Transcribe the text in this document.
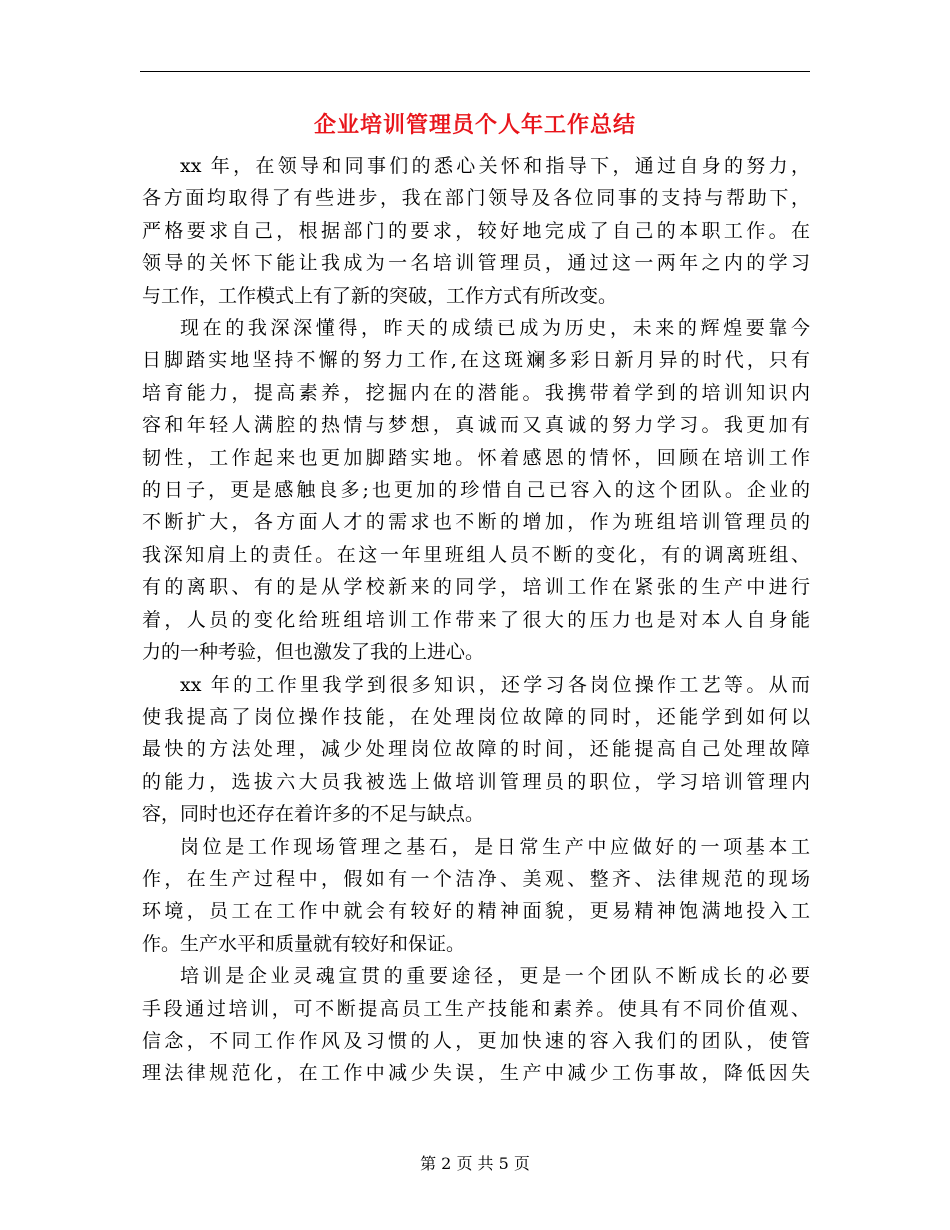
企业培训管理员个人年工作总结
xx 年，在领导和同事们的悉心关怀和指导下，通过自身的努力，
各方面均取得了有些进步，我在部门领导及各位同事的支持与帮助下，
严格要求自己，根据部门的要求，较好地完成了自己的本职工作。在
领导的关怀下能让我成为一名培训管理员，通过这一两年之内的学习
与工作，工作模式上有了新的突破，工作方式有所改变。
现在的我深深懂得，昨天的成绩已成为历史，未来的辉煌要靠今
日脚踏实地坚持不懈的努力工作,在这斑斓多彩日新月异的时代，只有
培育能力，提高素养，挖掘内在的潜能。我携带着学到的培训知识内
容和年轻人满腔的热情与梦想，真诚而又真诚的努力学习。我更加有
韧性，工作起来也更加脚踏实地。怀着感恩的情怀，回顾在培训工作
的日子，更是感触良多;也更加的珍惜自己已容入的这个团队。企业的
不断扩大，各方面人才的需求也不断的增加，作为班组培训管理员的
我深知肩上的责任。在这一年里班组人员不断的变化，有的调离班组、
有的离职、有的是从学校新来的同学，培训工作在紧张的生产中进行
着，人员的变化给班组培训工作带来了很大的压力也是对本人自身能
力的一种考验，但也激发了我的上进心。
xx 年的工作里我学到很多知识，还学习各岗位操作工艺等。从而
使我提高了岗位操作技能，在处理岗位故障的同时，还能学到如何以
最快的方法处理，减少处理岗位故障的时间，还能提高自己处理故障
的能力，选拔六大员我被选上做培训管理员的职位，学习培训管理内
容，同时也还存在着许多的不足与缺点。
岗位是工作现场管理之基石，是日常生产中应做好的一项基本工
作，在生产过程中，假如有一个洁净、美观、整齐、法律规范的现场
环境，员工在工作中就会有较好的精神面貌，更易精神饱满地投入工
作。生产水平和质量就有较好和保证。
培训是企业灵魂宣贯的重要途径，更是一个团队不断成长的必要
手段通过培训，可不断提高员工生产技能和素养。使具有不同价值观、
信念，不同工作作风及习惯的人，更加快速的容入我们的团队，使管
理法律规范化，在工作中减少失误，生产中减少工伤事故，降低因失
第 2 页 共 5 页
